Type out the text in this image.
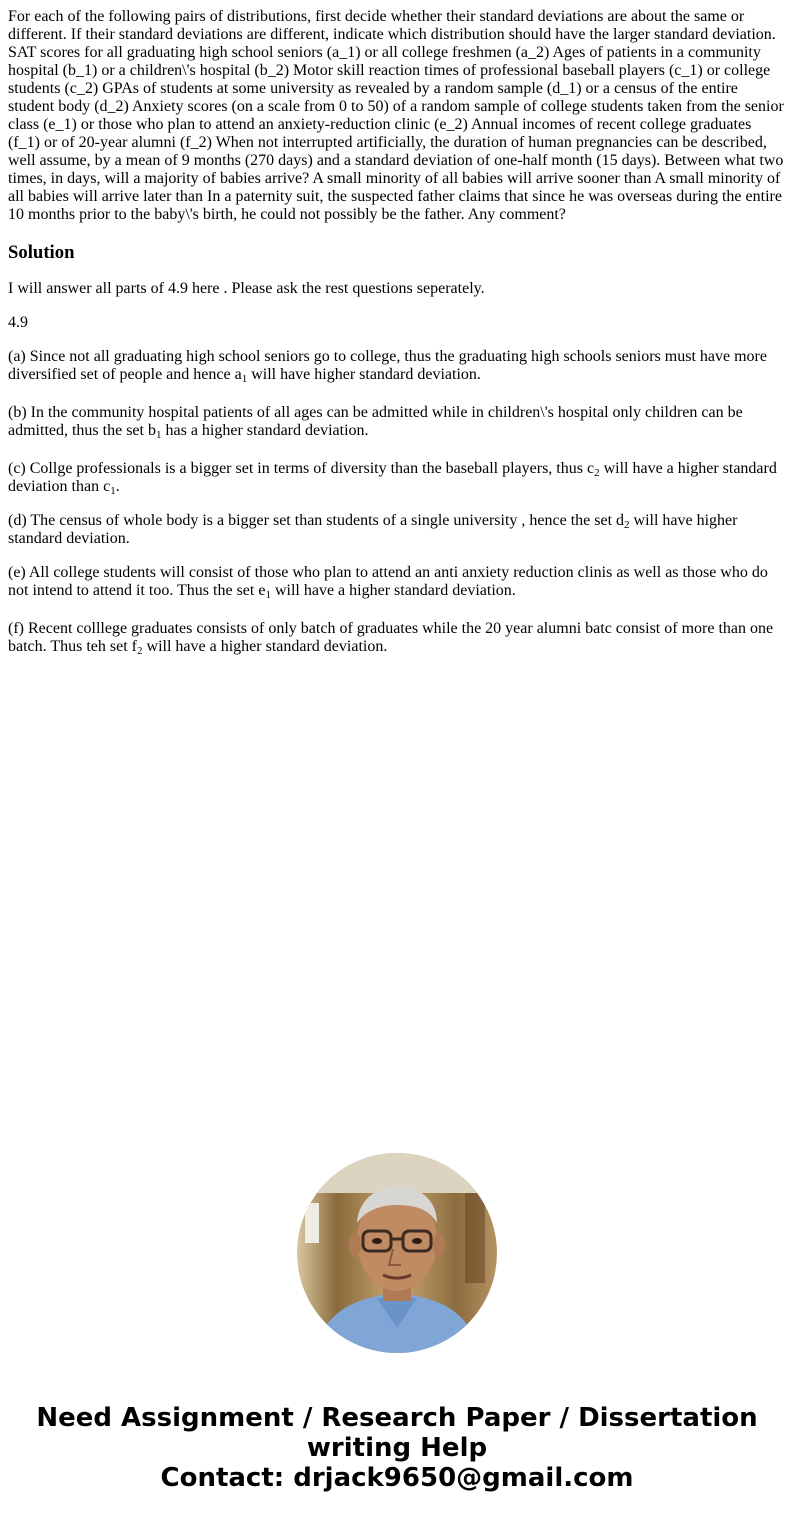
For each of the following pairs of distributions, first decide whether their standard deviations are about the same or different. If their standard deviations are different, indicate which distribution should have the larger standard deviation. SAT scores for all graduating high school seniors (a_1) or all college freshmen (a_2) Ages of patients in a community hospital (b_1) or a children\'s hospital (b_2) Motor skill reaction times of professional baseball players (c_1) or college students (c_2) GPAs of students at some university as revealed by a random sample (d_1) or a census of the entire student body (d_2) Anxiety scores (on a scale from 0 to 50) of a random sample of college students taken from the senior class (e_1) or those who plan to attend an anxiety-reduction clinic (e_2) Annual incomes of recent college graduates (f_1) or of 20-year alumni (f_2) When not interrupted artificially, the duration of human pregnancies can be described, well assume, by a mean of 9 months (270 days) and a standard deviation of one-half month (15 days). Between what two times, in days, will a majority of babies arrive? A small minority of all babies will arrive sooner than A small minority of all babies will arrive later than In a paternity suit, the suspected father claims that since he was overseas during the entire 10 months prior to the baby\'s birth, he could not possibly be the father. Any comment?

Solution

I will answer all parts of 4.9 here . Please ask the rest questions seperately.

4.9

(a) Since not all graduating high school seniors go to college, thus the graduating high schools seniors must have more diversified set of people and hence $a_1$ will have higher standard deviation.

(b) In the community hospital patients of all ages can be admitted while in children\'s hospital only children can be admitted, thus the set $b_1$ has a higher standard deviation.

(c) Collge professionals is a bigger set in terms of diversity than the baseball players, thus $c_2$ will have a higher standard deviation than $c_1$.

(d) The census of whole body is a bigger set than students of a single university , hence the set $d_2$ will have higher standard deviation.

(e) All college students will consist of those who plan to attend an anti anxiety reduction clinis as well as those who do not intend to attend it too. Thus the set $e_1$ will have a higher standard deviation.

(f) Recent colllege graduates consists of only batch of graduates while the 20 year alumni batc consist of more than one batch. Thus teh set $f_2$ will have a higher standard deviation.

Need Assignment / Research Paper / Dissertation
writing Help
Contact: drjack9650@gmail.com
